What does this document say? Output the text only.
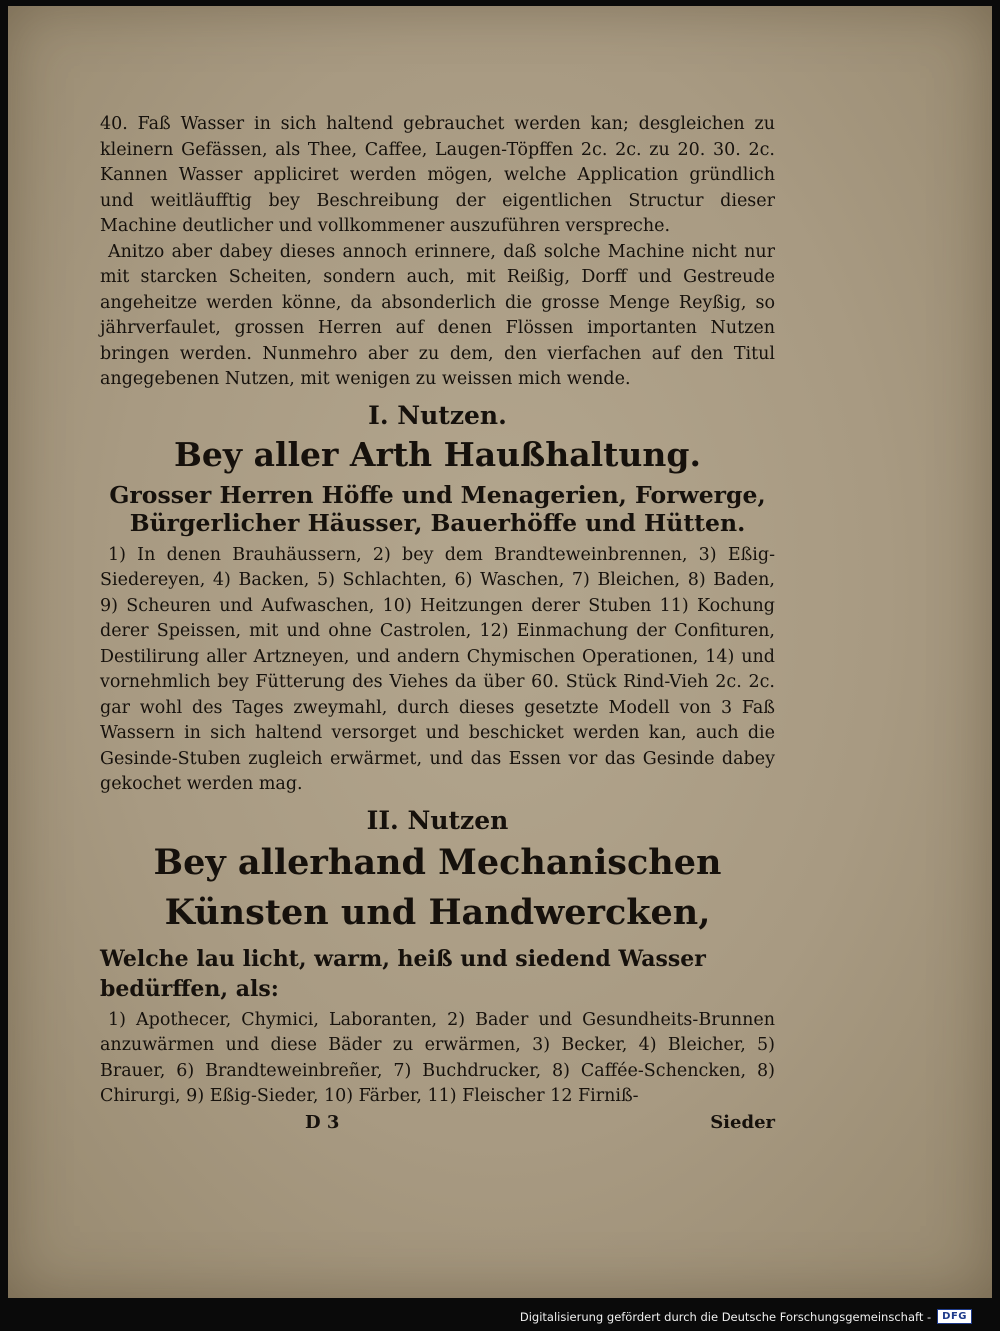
40. Faß Wasser in sich haltend gebrauchet werden kan; desgleichen zu kleinern Gefässen, als Thee, Caffee, Laugen-Töpffen 2c. 2c. zu 20. 30. 2c. Kannen Wasser appliciret werden mögen, welche Application gründlich und weitläufftig bey Beschreibung der eigentlichen Structur dieser Machine deutlicher und vollkommener auszuführen verspreche.

Anitzo aber dabey dieses annoch erinnere, daß solche Machine nicht nur mit starcken Scheiten, sondern auch, mit Reißig, Dorff und Gestreude angeheitze werden könne, da absonderlich die grosse Menge Reyßig, so jährverfaulet, grossen Herren auf denen Flössen importanten Nutzen bringen werden. Nunmehro aber zu dem, den vierfachen auf den Titul angegebenen Nutzen, mit wenigen zu weissen mich wende.

I. Nutzen.
Bey aller Arth Haußhaltung.
Grosser Herren Höffe und Menagerien, Forwerge, Bürgerlicher Häusser, Bauerhöffe und Hütten.

1) In denen Brauhäussern, 2) bey dem Brandteweinbrennen, 3) Eßig-Siedereyen, 4) Backen, 5) Schlachten, 6) Waschen, 7) Bleichen, 8) Baden, 9) Scheuren und Aufwaschen, 10) Heitzungen derer Stuben 11) Kochung derer Speissen, mit und ohne Castrolen, 12) Einmachung der Confituren, Destilirung aller Artzneyen, und andern Chymischen Operationen, 14) und vornehmlich bey Fütterung des Viehes da über 60. Stück Rind-Vieh 2c. 2c. gar wohl des Tages zweymahl, durch dieses gesetzte Modell von 3 Faß Wassern in sich haltend versorget und beschicket werden kan, auch die Gesinde-Stuben zugleich erwärmet, und das Essen vor das Gesinde dabey gekochet werden mag.

II. Nutzen
Bey allerhand Mechanischen Künsten und Handwercken,
Welche lau licht, warm, heiß und siedend Wasser bedürffen, als:

1) Apothecer, Chymici, Laboranten, 2) Bader und Gesundheits-Brunnen anzuwärmen und diese Bäder zu erwärmen, 3) Becker, 4) Bleicher, 5) Brauer, 6) Brandteweinbreñer, 7) Buchdrucker, 8) Caffée-Schencken, 8) Chirurgi, 9) Eßig-Sieder, 10) Färber, 11) Fleischer 12 Firniß-

D 3	Sieder
Digitalisierung gefördert durch die Deutsche Forschungsgemeinschaft -	DFG
